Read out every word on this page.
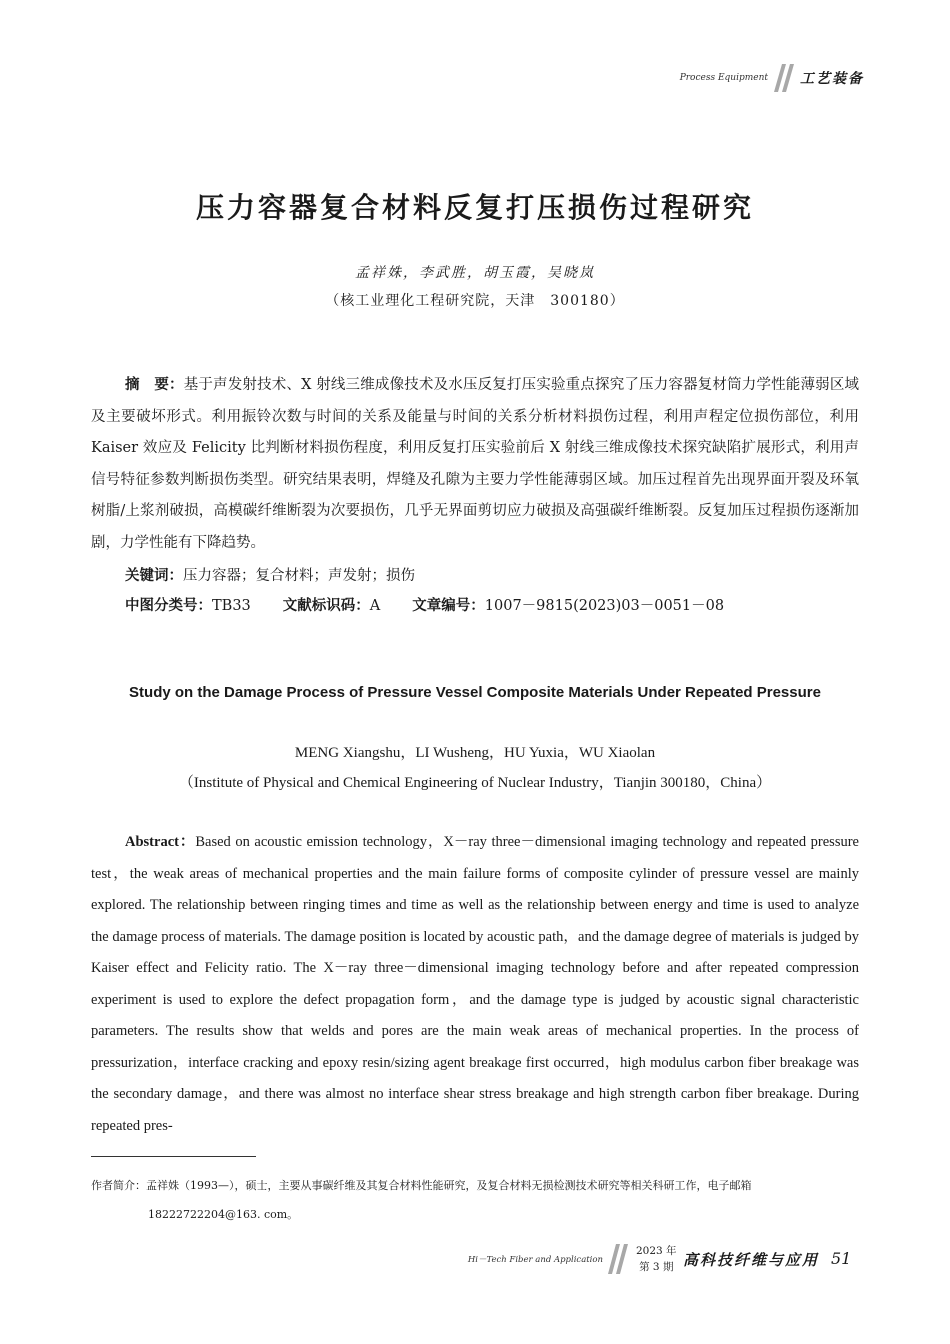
Process Equipment 工艺装备
压力容器复合材料反复打压损伤过程研究
孟祥姝，李武胜，胡玉霞，吴晓岚
（核工业理化工程研究院，天津　300180）
摘　要：基于声发射技术、X 射线三维成像技术及水压反复打压实验重点探究了压力容器复材筒力学性能薄弱区域及主要破坏形式。利用振铃次数与时间的关系及能量与时间的关系分析材料损伤过程，利用声程定位损伤部位，利用 Kaiser 效应及 Felicity 比判断材料损伤程度，利用反复打压实验前后 X 射线三维成像技术探究缺陷扩展形式，利用声信号特征参数判断损伤类型。研究结果表明，焊缝及孔隙为主要力学性能薄弱区域。加压过程首先出现界面开裂及环氧树脂/上浆剂破损，高模碳纤维断裂为次要损伤，几乎无界面剪切应力破损及高强碳纤维断裂。反复加压过程损伤逐渐加剧，力学性能有下降趋势。
关键词：压力容器；复合材料；声发射；损伤
中图分类号：TB33 文献标识码：A 文章编号：1007－9815(2023)03－0051－08
Study on the Damage Process of Pressure Vessel Composite Materials Under Repeated Pressure
MENG Xiangshu，LI Wusheng，HU Yuxia，WU Xiaolan
（Institute of Physical and Chemical Engineering of Nuclear Industry，Tianjin 300180，China）
Abstract：Based on acoustic emission technology，X－ray three－dimensional imaging technology and repeated pressure test，the weak areas of mechanical properties and the main failure forms of composite cylinder of pressure vessel are mainly explored. The relationship between ringing times and time as well as the relationship between energy and time is used to analyze the damage process of materials. The damage position is located by acoustic path，and the damage degree of materials is judged by Kaiser effect and Felicity ratio. The X－ray three－dimensional imaging technology before and after repeated compression experiment is used to explore the defect propagation form，and the damage type is judged by acoustic signal characteristic parameters. The results show that welds and pores are the main weak areas of mechanical properties. In the process of pressurization，interface cracking and epoxy resin/sizing agent breakage first occurred，high modulus carbon fiber breakage was the secondary damage，and there was almost no interface shear stress breakage and high strength carbon fiber breakage. During repeated pres-
作者简介：孟祥姝（1993—），硕士，主要从事碳纤维及其复合材料性能研究，及复合材料无损检测技术研究等相关科研工作，电子邮箱
18222722204@163. com。
Hi－Tech Fiber and Application
2023 年
第 3 期 高科技纤维与应用 51
